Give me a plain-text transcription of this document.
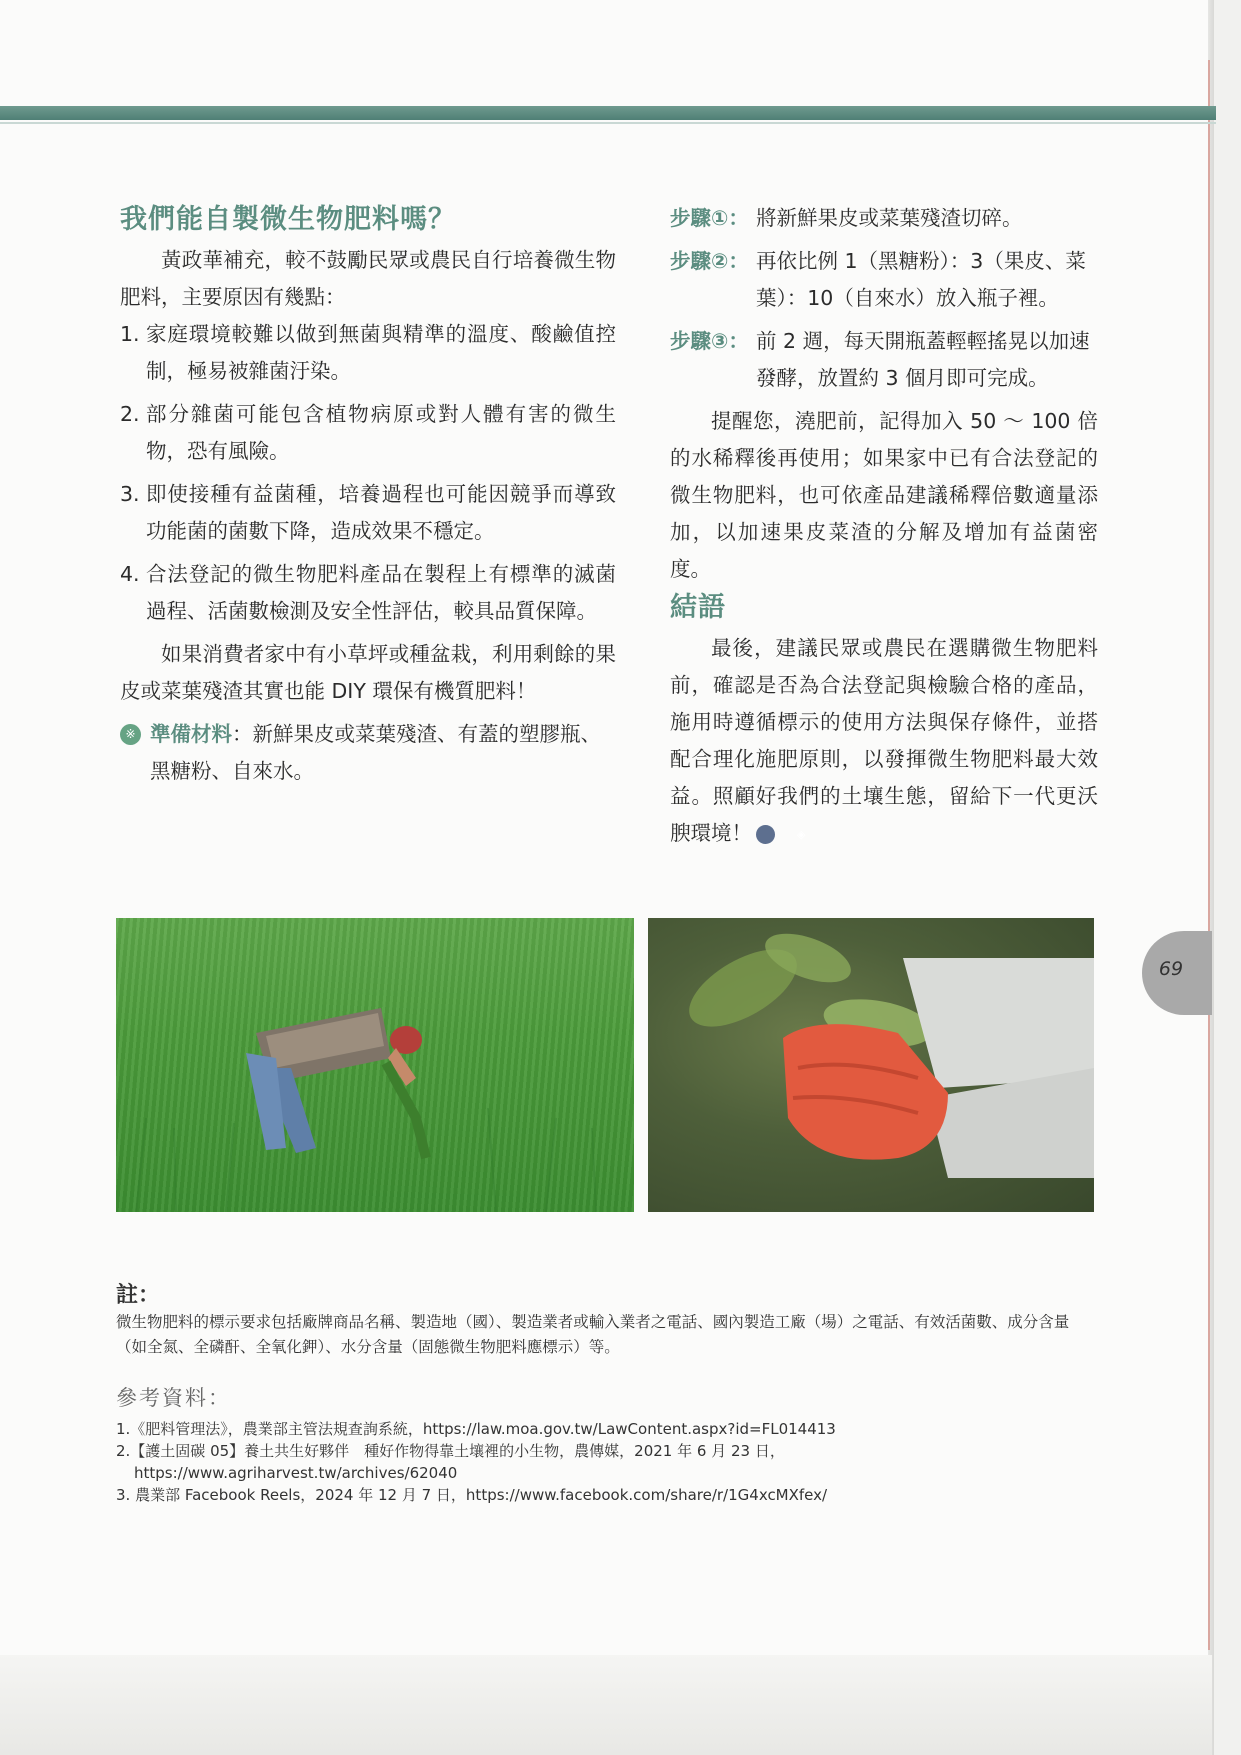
我們能自製微生物肥料嗎？

黃政華補充，較不鼓勵民眾或農民自行培養微生物肥料，主要原因有幾點：

1. 家庭環境較難以做到無菌與精準的溫度、酸鹼值控制，極易被雜菌汙染。
2. 部分雜菌可能包含植物病原或對人體有害的微生物，恐有風險。
3. 即使接種有益菌種，培養過程也可能因競爭而導致功能菌的菌數下降，造成效果不穩定。
4. 合法登記的微生物肥料產品在製程上有標準的滅菌過程、活菌數檢測及安全性評估，較具品質保障。

如果消費者家中有小草坪或種盆栽，利用剩餘的果皮或菜葉殘渣其實也能 DIY 環保有機質肥料！

※ 準備材料：新鮮果皮或菜葉殘渣、有蓋的塑膠瓶、黑糖粉、自來水。
步驟①： 將新鮮果皮或菜葉殘渣切碎。
步驟②： 再依比例 1（黑糖粉）：3（果皮、菜葉）：10（自來水）放入瓶子裡。
步驟③： 前 2 週，每天開瓶蓋輕輕搖晃以加速發酵，放置約 3 個月即可完成。

提醒您，澆肥前，記得加入 50 ～ 100 倍的水稀釋後再使用；如果家中已有合法登記的微生物肥料，也可依產品建議稀釋倍數適量添加，以加速果皮菜渣的分解及增加有益菌密度。

結語

最後，建議民眾或農民在選購微生物肥料前，確認是否為合法登記與檢驗合格的產品，施用時遵循標示的使用方法與保存條件，並搭配合理化施肥原則，以發揮微生物肥料最大效益。照顧好我們的土壤生態，留給下一代更沃腴環境！	◈

69
註：
微生物肥料的標示要求包括廠牌商品名稱、製造地（國）、製造業者或輸入業者之電話、國內製造工廠（場）之電話、有效活菌數、成分含量（如全氮、全磷酐、全氧化鉀）、水分含量（固態微生物肥料應標示）等。
參考資料：
1.《肥料管理法》，農業部主管法規查詢系統，https://law.moa.gov.tw/LawContent.aspx?id=FL014413
2.【護土固碳 05】養土共生好夥伴　種好作物得靠土壤裡的小生物，農傳媒，2021 年 6 月 23 日，https://www.agriharvest.tw/archives/62040
3. 農業部 Facebook Reels，2024 年 12 月 7 日，https://www.facebook.com/share/r/1G4xcMXfex/
